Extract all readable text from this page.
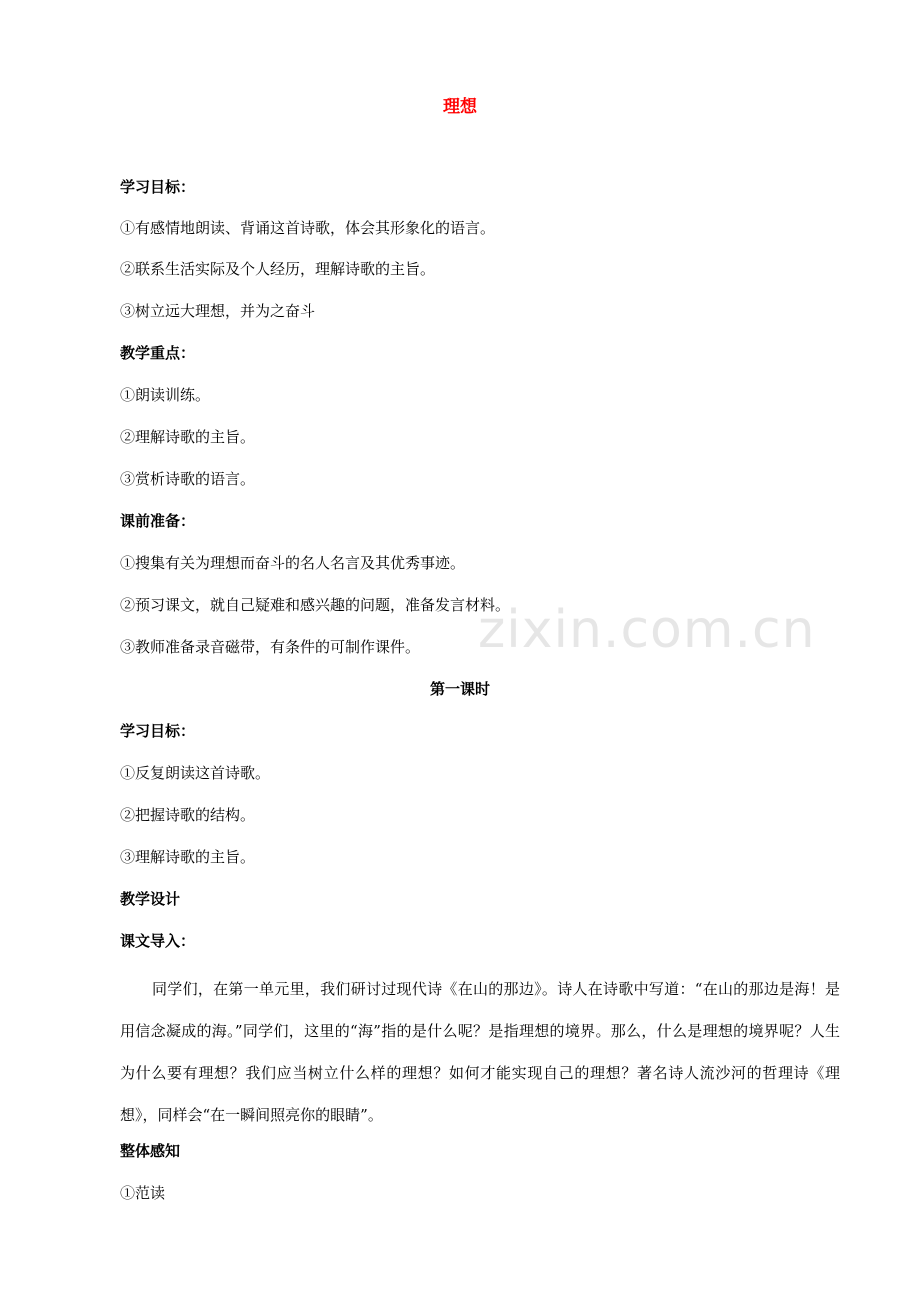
理想
zixin.com.cn
学习目标：
①有感情地朗读、背诵这首诗歌，体会其形象化的语言。
②联系生活实际及个人经历，理解诗歌的主旨。
③树立远大理想，并为之奋斗
教学重点：
①朗读训练。
②理解诗歌的主旨。
③赏析诗歌的语言。
课前准备：
①搜集有关为理想而奋斗的名人名言及其优秀事迹。
②预习课文，就自己疑难和感兴趣的问题，准备发言材料。
③教师准备录音磁带，有条件的可制作课件。
第一课时
学习目标：
①反复朗读这首诗歌。
②把握诗歌的结构。
③理解诗歌的主旨。
教学设计
课文导入：
同学们，在第一单元里，我们研讨过现代诗《在山的那边》。诗人在诗歌中写道：“在山的那边是海！是用信念凝成的海。”同学们，这里的“海”指的是什么呢？是指理想的境界。那么，什么是理想的境界呢？人生为什么要有理想？我们应当树立什么样的理想？如何才能实现自己的理想？著名诗人流沙河的哲理诗《理想》，同样会“在一瞬间照亮你的眼睛”。
整体感知
①范读
